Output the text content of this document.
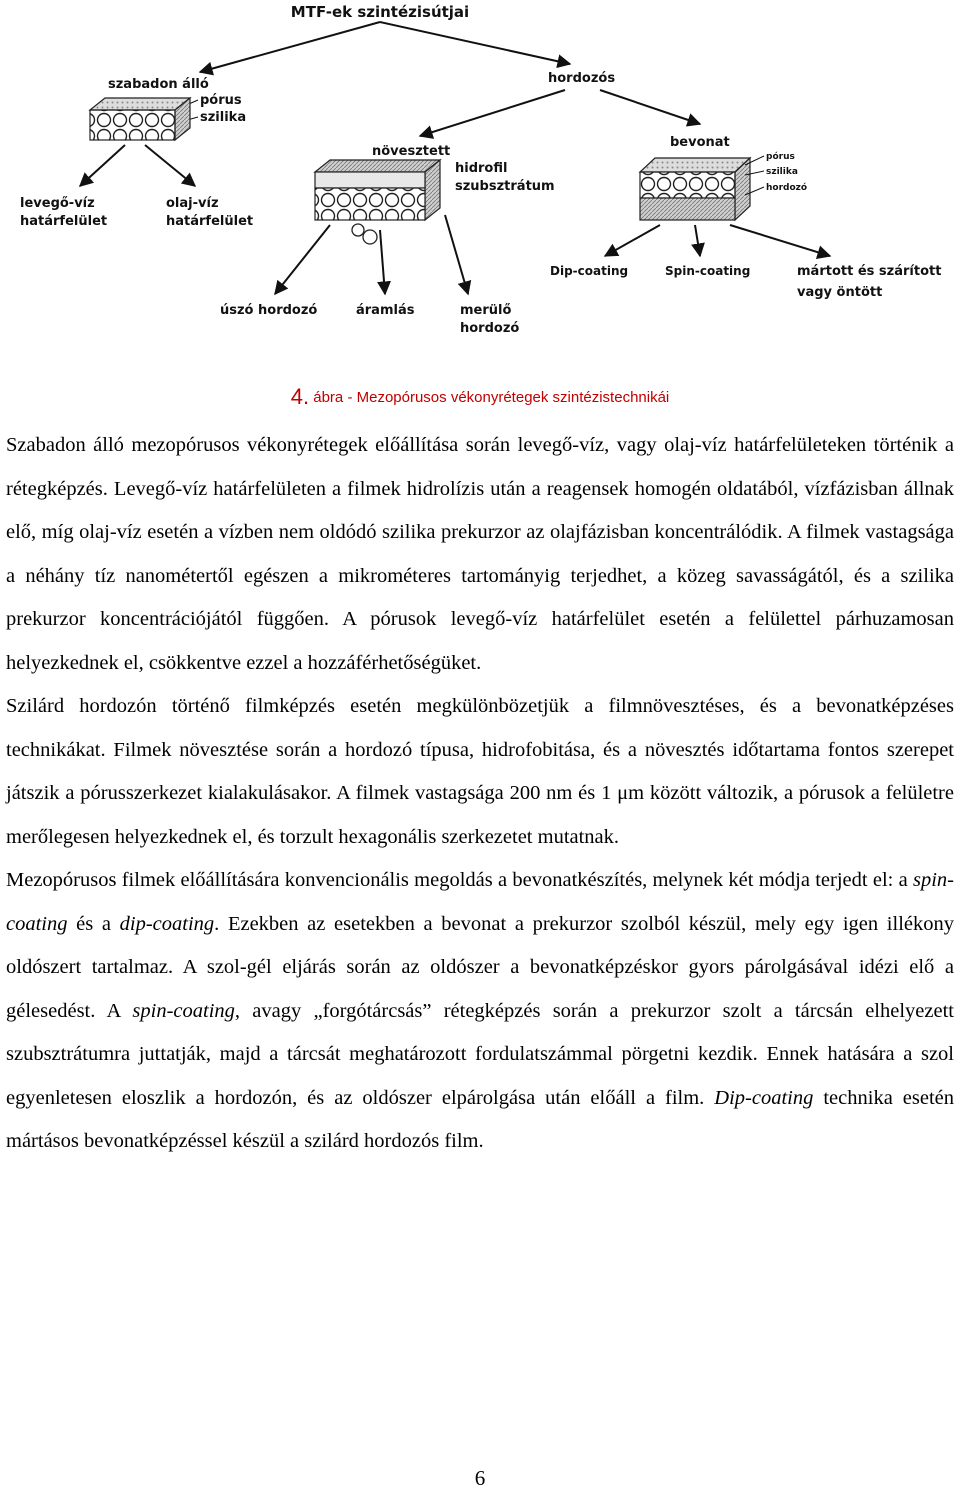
MTF-ek szintézisútjai
szabadon álló
pórus
szilika
levegő-víz
határfelület
olaj-víz
határfelület
hordozós
növesztett
hidrofil
szubsztrátum
úszó hordozó	áramlás	merülő
hordozó
bevonat
pórus
szilika
hordozó
Dip-coating	Spin-coating	mártott és szárított
vagy öntött
4. ábra - Mezopórusos vékonyrétegek szintézistechnikái

Szabadon álló mezopórusos vékonyrétegek előállítása során levegő-víz, vagy olaj-víz határfelületeken történik a rétegképzés. Levegő-víz határfelületen a filmek hidrolízis után a reagensek homogén oldatából, vízfázisban állnak elő, míg olaj-víz esetén a vízben nem oldódó szilika prekurzor az olajfázisban koncentrálódik. A filmek vastagsága a néhány tíz nanométertől egészen a mikrométeres tartományig terjedhet, a közeg savasságától, és a szilika prekurzor koncentrációjától függően. A pórusok levegő-víz határfelület esetén a felülettel párhuzamosan helyezkednek el, csökkentve ezzel a hozzáférhetőségüket.

Szilárd hordozón történő filmképzés esetén megkülönbözetjük a filmnövesztéses, és a bevonatképzéses technikákat. Filmek növesztése során a hordozó típusa, hidrofobitása, és a növesztés időtartama fontos szerepet játszik a pórusszerkezet kialakulásakor. A filmek vastagsága 200 nm és 1 μm között változik, a pórusok a felületre merőlegesen helyezkednek el, és torzult hexagonális szerkezetet mutatnak.

Mezopórusos filmek előállítására konvencionális megoldás a bevonatkészítés, melynek két módja terjedt el: a spin-coating és a dip-coating. Ezekben az esetekben a bevonat a prekurzor szolból készül, mely egy igen illékony oldószert tartalmaz. A szol-gél eljárás során az oldószer a bevonatképzéskor gyors párolgásával idézi elő a gélesedést. A spin-coating, avagy „forgótárcsás” rétegképzés során a prekurzor szolt a tárcsán elhelyezett szubsztrátumra juttatják, majd a tárcsát meghatározott fordulatszámmal pörgetni kezdik. Ennek hatására a szol egyenletesen eloszlik a hordozón, és az oldószer elpárolgása után előáll a film. Dip-coating technika esetén mártásos bevonatképzéssel készül a szilárd hordozós film.

6
